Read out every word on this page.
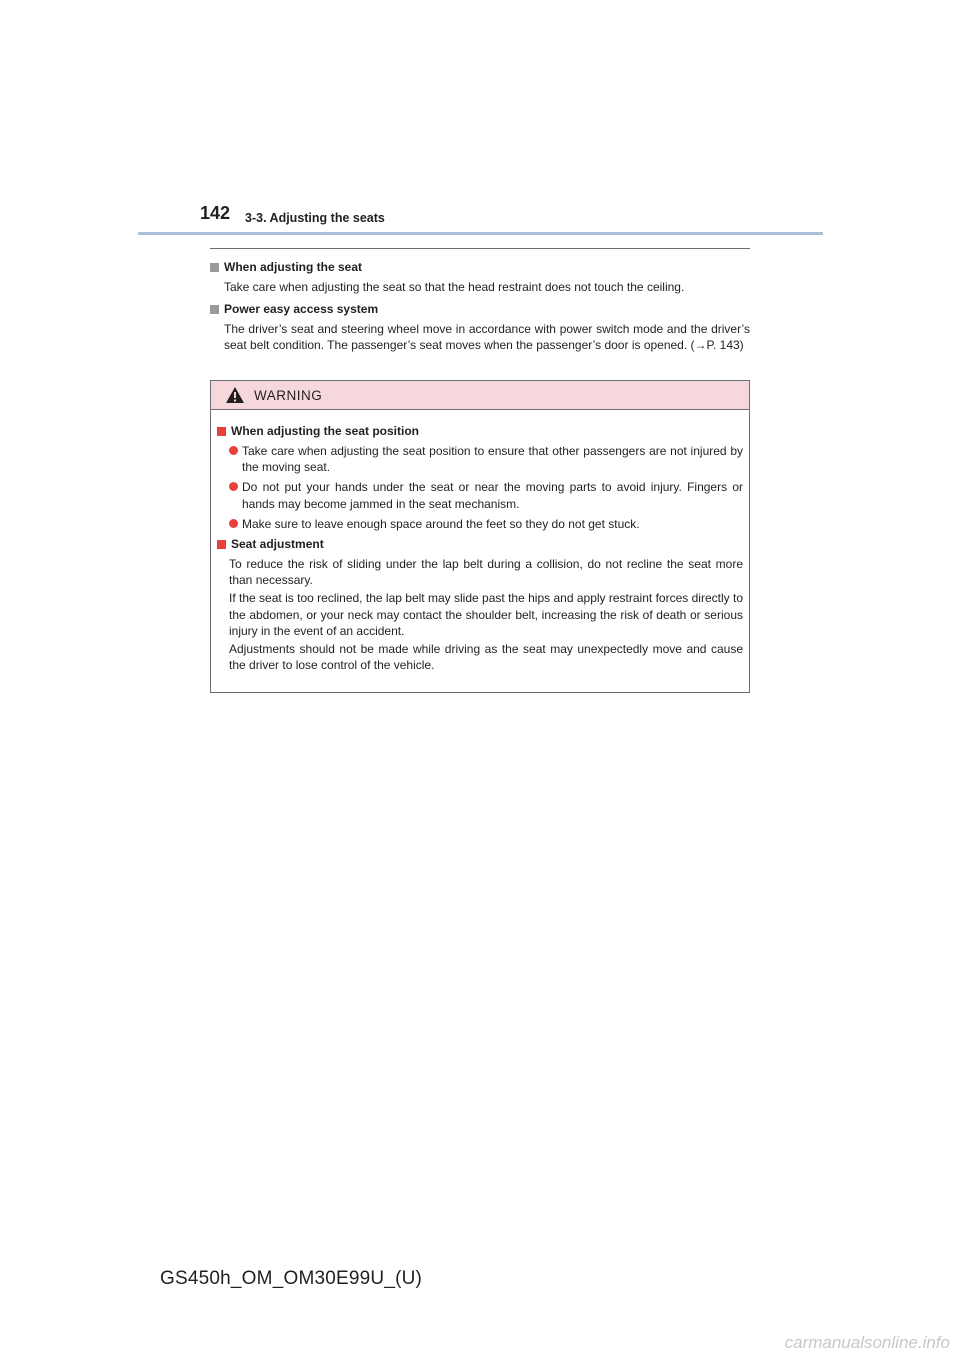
142 3-3. Adjusting the seats
When adjusting the seat

Take care when adjusting the seat so that the head restraint does not touch the ceiling.

Power easy access system

The driver’s seat and steering wheel move in accordance with power switch mode and the driver’s seat belt condition. The passenger’s seat moves when the passenger’s door is opened. (→P. 143)

WARNING
When adjusting the seat position
Take care when adjusting the seat position to ensure that other passengers are not injured by the moving seat.
Do not put your hands under the seat or near the moving parts to avoid injury. Fingers or hands may become jammed in the seat mechanism.
Make sure to leave enough space around the feet so they do not get stuck.
Seat adjustment
To reduce the risk of sliding under the lap belt during a collision, do not recline the seat more than necessary.
If the seat is too reclined, the lap belt may slide past the hips and apply restraint forces directly to the abdomen, or your neck may contact the shoulder belt, increasing the risk of death or serious injury in the event of an accident.
Adjustments should not be made while driving as the seat may unexpectedly move and cause the driver to lose control of the vehicle.
GS450h_OM_OM30E99U_(U)
carmanualsonline.info
